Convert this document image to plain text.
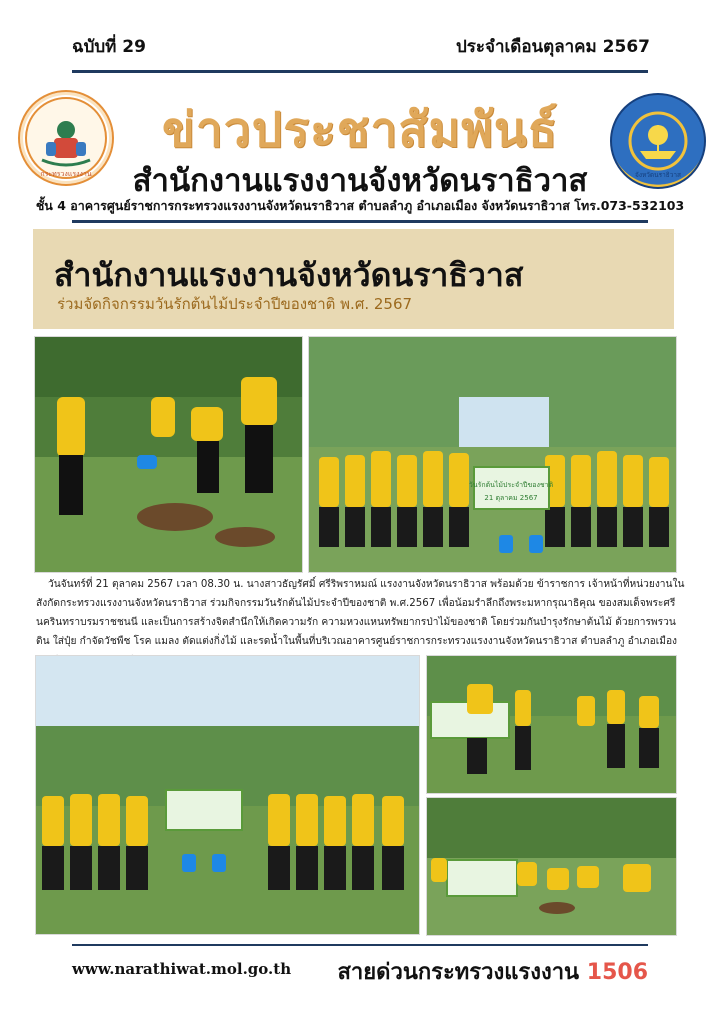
ฉบับที่ 29	ประจำเดือนตุลาคม 2567
กระทรวงแรงงาน	จังหวัดนราธิวาส
ข่าวประชาสัมพันธ์
สำนักงานแรงงานจังหวัดนราธิวาส
ชั้น 4 อาคารศูนย์ราชการกระทรวงแรงงานจังหวัดนราธิวาส ตำบลลำภู อำเภอเมือง จังหวัดนราธิวาส โทร.073-532103
สำนักงานแรงงานจังหวัดนราธิวาส
ร่วมจัดกิจกรรมวันรักต้นไม้ประจำปีของชาติ พ.ศ. 2567
วันรักต้นไม้ประจำปีของชาติ
21 ตุลาคม 2567
วันจันทร์ที่ 21 ตุลาคม 2567 เวลา 08.30 น. นางสาวธัญรัศมิ์ ศรีริพราหมณ์ แรงงานจังหวัดนราธิวาส พร้อมด้วย ข้าราชการ เจ้าหน้าที่หน่วยงานในสังกัดกระทรวงแรงงานจังหวัดนราธิวาส ร่วมกิจกรรมวันรักต้นไม้ประจำปีของชาติ พ.ศ.2567 เพื่อน้อมรำลึกถึงพระมหากรุณาธิคุณ ของสมเด็จพระศรีนครินทราบรมราชชนนี และเป็นการสร้างจิตสำนึกให้เกิดความรัก ความหวงแหนทรัพยากรป่าไม้ของชาติ โดยร่วมกันบำรุงรักษาต้นไม้ ด้วยการพรวนดิน ใส่ปุ๋ย กำจัดวัชพืช โรค แมลง ตัดแต่งกิ่งไม้ และรดน้ำในพื้นที่บริเวณอาคารศูนย์ราชการกระทรวงแรงงานจังหวัดนราธิวาส ตำบลลำภู อำเภอเมือง
www.narathiwat.mol.go.th สายด่วนกระทรวงแรงงาน 1506
